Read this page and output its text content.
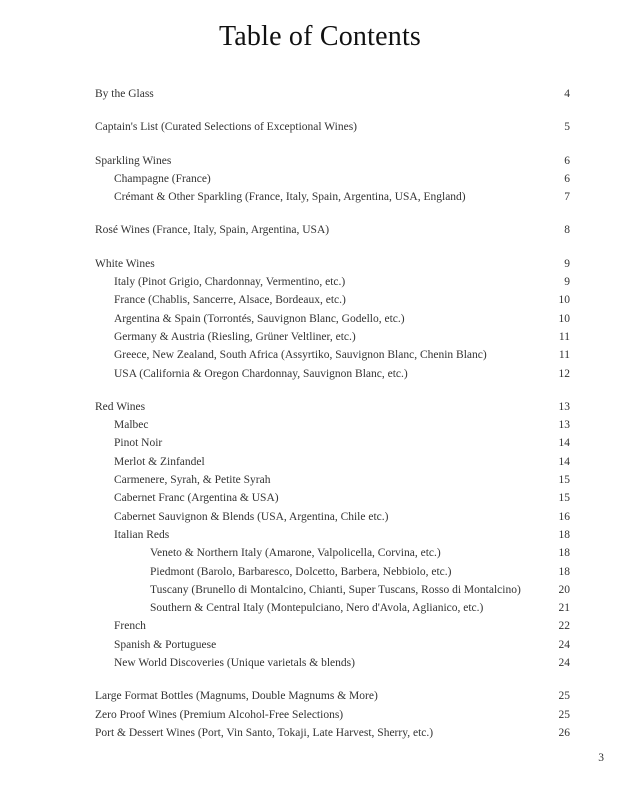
Table of Contents
By the Glass	4
Captain's List (Curated Selections of Exceptional Wines)	5
Sparkling Wines	6
Champagne (France)	6
Crémant & Other Sparkling (France, Italy, Spain, Argentina, USA, England)	7
Rosé Wines (France, Italy, Spain, Argentina, USA)	8
White Wines	9
Italy (Pinot Grigio, Chardonnay, Vermentino, etc.)	9
France (Chablis, Sancerre, Alsace, Bordeaux, etc.)	10
Argentina & Spain (Torrontés, Sauvignon Blanc, Godello, etc.)	10
Germany & Austria (Riesling, Grüner Veltliner, etc.)	11
Greece, New Zealand, South Africa (Assyrtiko, Sauvignon Blanc, Chenin Blanc)	11
USA (California & Oregon Chardonnay, Sauvignon Blanc, etc.)	12
Red Wines	13
Malbec	13
Pinot Noir	14
Merlot & Zinfandel	14
Carmenere, Syrah, & Petite Syrah	15
Cabernet Franc (Argentina & USA)	15
Cabernet Sauvignon & Blends (USA, Argentina, Chile etc.)	16
Italian Reds	18
Veneto & Northern Italy (Amarone, Valpolicella, Corvina, etc.)	18
Piedmont (Barolo, Barbaresco, Dolcetto, Barbera, Nebbiolo, etc.)	18
Tuscany (Brunello di Montalcino, Chianti, Super Tuscans, Rosso di Montalcino)	20
Southern & Central Italy (Montepulciano, Nero d'Avola, Aglianico, etc.)	21
French	22
Spanish & Portuguese	24
New World Discoveries (Unique varietals & blends)	24
Large Format Bottles (Magnums, Double Magnums & More)	25
Zero Proof Wines (Premium Alcohol-Free Selections)	25
Port & Dessert Wines (Port, Vin Santo, Tokaji, Late Harvest, Sherry, etc.)	26
3
